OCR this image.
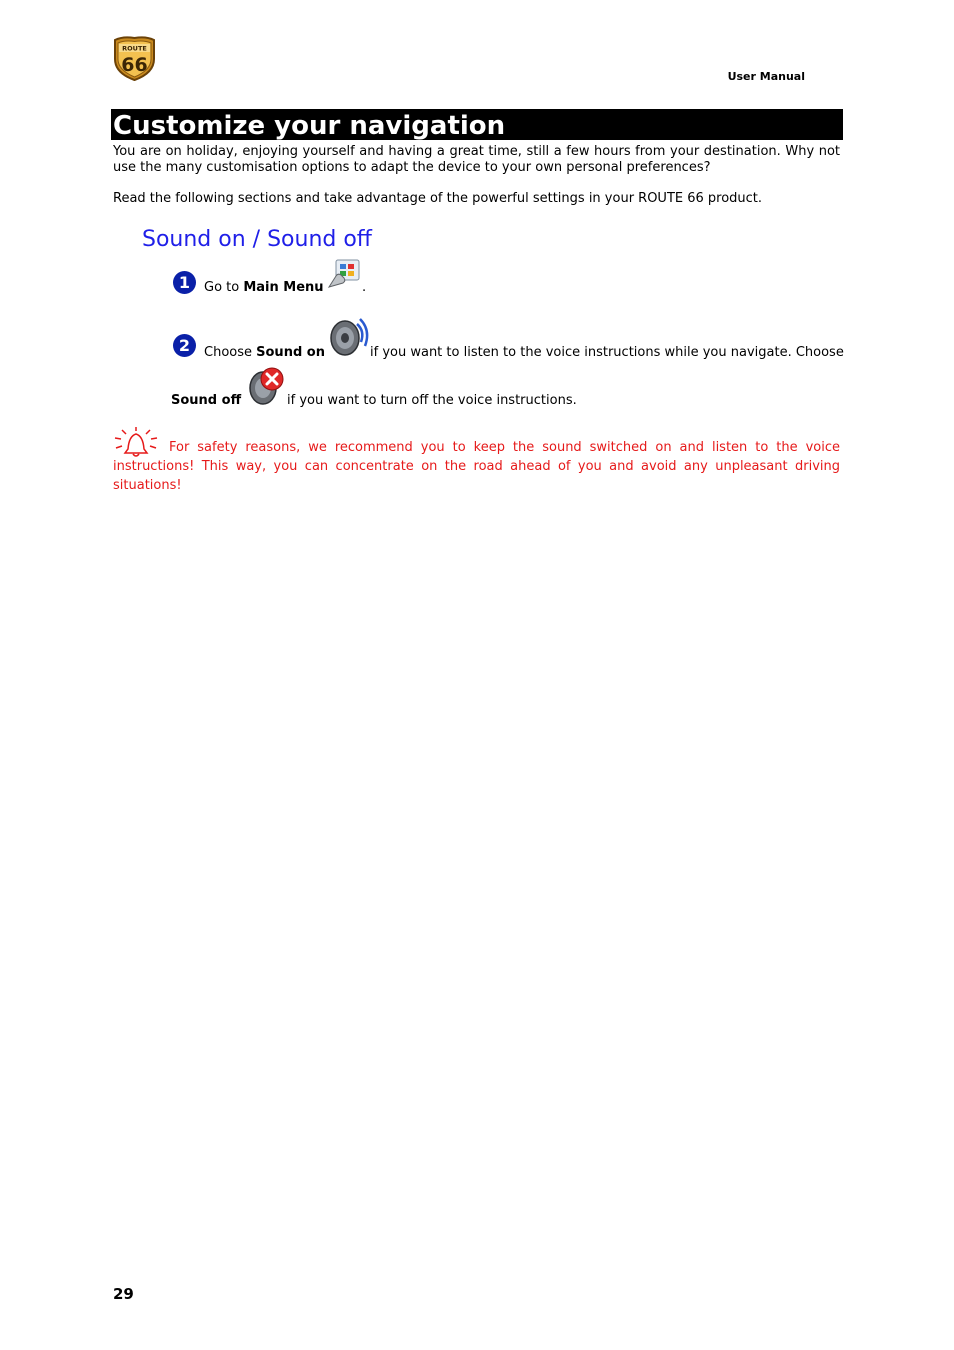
ROUTE
66
User Manual
Customize your navigation
You are on holiday, enjoying yourself and having a great time, still a few hours from your destination. Why not use the many customisation options to adapt the device to your own personal preferences?
Read the following sections and take advantage of the powerful settings in your ROUTE 66 product.
Sound on / Sound off
1	Go to Main Menu	.
2	Choose Sound on	if you want to listen to the voice instructions while you navigate. Choose
Sound off	if you want to turn off the voice instructions.
For safety reasons, we recommend you to keep the sound switched on and listen to the voice instructions! This way, you can concentrate on the road ahead of you and avoid any unpleasant driving situations!
29
